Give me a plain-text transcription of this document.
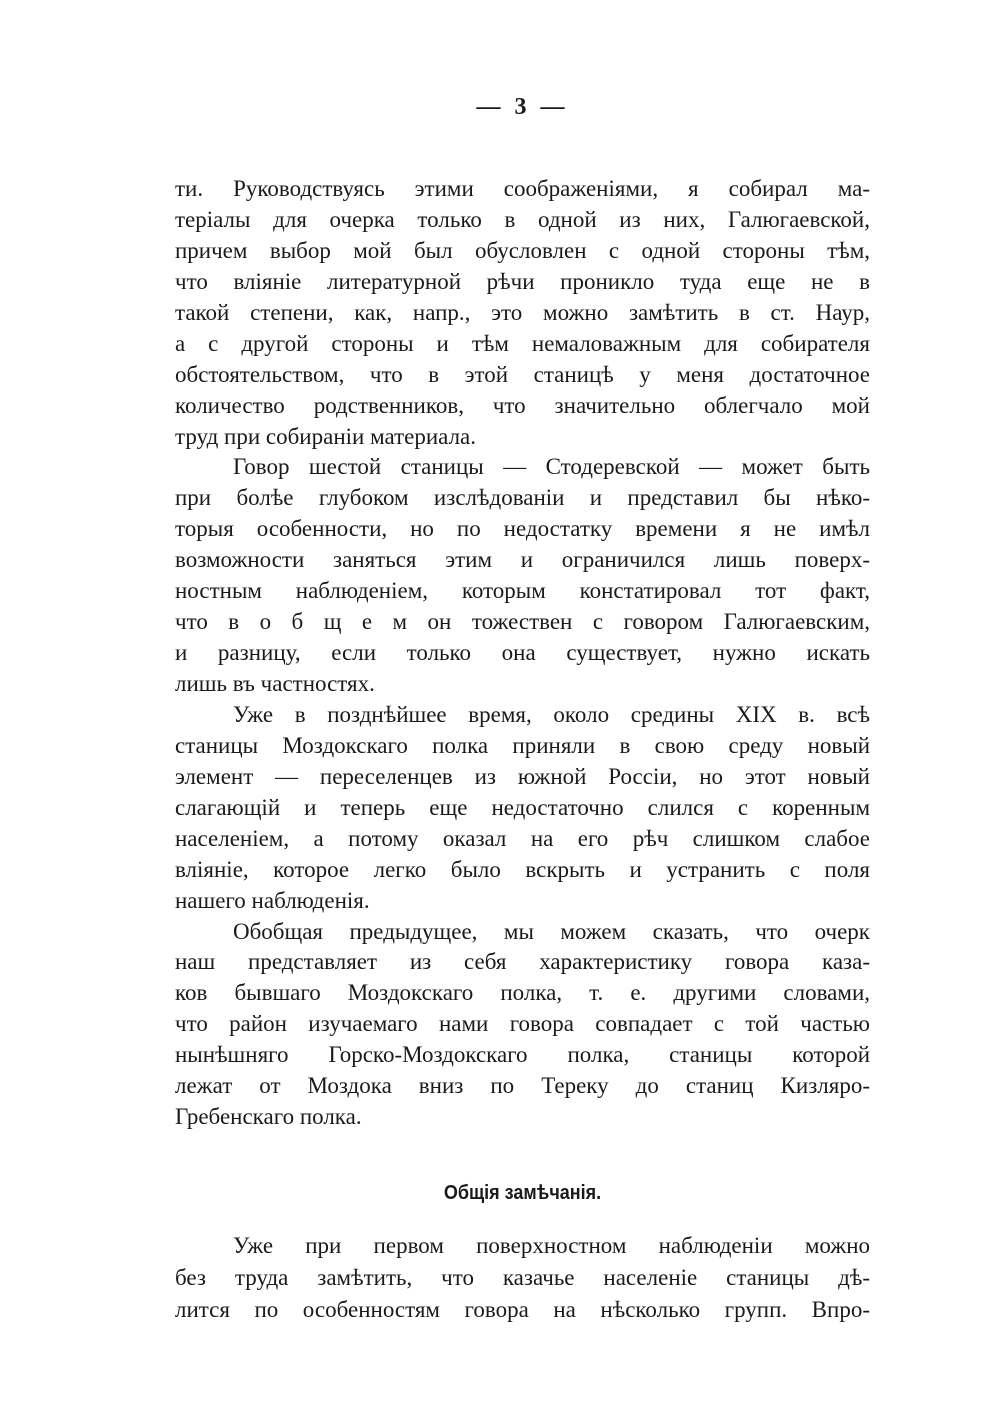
— 3 —
ти. Руководствуясь этими соображеніями, я собирал ма-
теріалы для очерка только в одной из них, Галюгаевской,
причем выбор мой был обусловлен с одной стороны тѣм,
что вліяніе литературной рѣчи проникло туда еще не в
такой степени, как, напр., это можно замѣтить в ст. Наур,
а с другой стороны и тѣм немаловажным для собирателя
обстоятельством, что в этой станицѣ у меня достаточное
количество родственников, что значительно облегчало мой
труд при собираніи материала.
Говор шестой станицы — Стодеревской — может быть
при болѣе глубоком изслѣдованіи и представил бы нѣко-
торыя особенности, но по недостатку времени я не имѣл
возможности заняться этим и ограничился лишь поверх-
ностным наблюденіем, которым констатировал тот факт,
что в о б щ е м он тожествен с говором Галюгаевским,
и разницу, если только она существует, нужно искать
лишь въ частностях.
Уже в позднѣйшее время, около средины XIX в. всѣ
станицы Моздокскаго полка приняли в свою среду новый
элемент — переселенцев из южной Россіи, но этот новый
слагающій и теперь еще недостаточно слился с коренным
населеніем, а потому оказал на его рѣч слишком слабое
вліяніе, которое легко было вскрыть и устранить с поля
нашего наблюденія.
Обобщая предыдущее, мы можем сказать, что очерк
наш представляет из себя характеристику говора каза-
ков бывшаго Моздокскаго полка, т. е. другими словами,
что район изучаемаго нами говора совпадает с той частью
нынѣшняго Горско-Моздокскаго полка, станицы которой
лежат от Моздока вниз по Тереку до станиц Кизляро-
Гребенскаго полка.
Общія замѣчанія.
Уже при первом поверхностном наблюденіи можно
без труда замѣтить, что казачье населеніе станицы дѣ-
лится по особенностям говора на нѣсколько групп. Впро-
